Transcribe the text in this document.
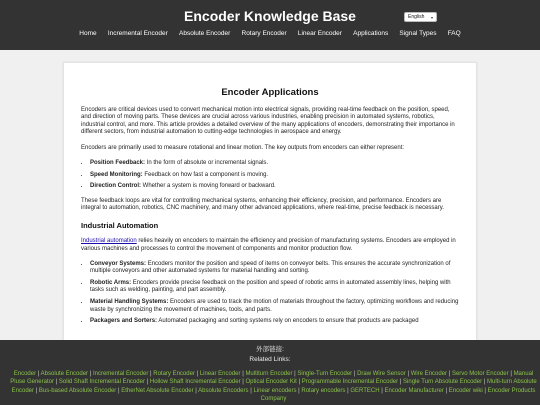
Encoder Knowledge Base	English
Home Incremental Encoder Absolute Encoder Rotary Encoder Linear Encoder Applications Signal Types FAQ
Encoder Applications

Encoders are critical devices used to convert mechanical motion into electrical signals, providing real-time feedback on the position, speed, and direction of moving parts. These devices are crucial across various industries, enabling precision in automated systems, robotics, industrial control, and more. This article provides a detailed overview of the many applications of encoders, demonstrating their importance in different sectors, from industrial automation to cutting-edge technologies in aerospace and energy.

Encoders are primarily used to measure rotational and linear motion. The key outputs from encoders can either represent:

• Position Feedback: In the form of absolute or incremental signals.
• Speed Monitoring: Feedback on how fast a component is moving.
• Direction Control: Whether a system is moving forward or backward.

These feedback loops are vital for controlling mechanical systems, enhancing their efficiency, precision, and performance. Encoders are integral to automation, robotics, CNC machinery, and many other advanced applications, where real-time, precise feedback is necessary.

Industrial Automation

Industrial automation relies heavily on encoders to maintain the efficiency and precision of manufacturing systems. Encoders are employed in various machines and processes to control the movement of components and monitor production flow.

• Conveyor Systems: Encoders monitor the position and speed of items on conveyor belts. This ensures the accurate synchronization of multiple conveyors and other automated systems for material handling and sorting.
• Robotic Arms: Encoders provide precise feedback on the position and speed of robotic arms in automated assembly lines, helping with tasks such as welding, painting, and part assembly.
• Material Handling Systems: Encoders are used to track the motion of materials throughout the factory, optimizing workflows and reducing waste by synchronizing the movement of machines, tools, and parts.
• Packagers and Sorters: Automated packaging and sorting systems rely on encoders to ensure that products are packaged

外部链接:

Related Links:

Encoder | Absolute Encoder | Incremental Encoder | Rotary Encoder | Linear Encoder | Multiturn Encoder | Single-Turn Encoder | Draw Wire Sensor | Wire Encoder | Servo Motor Encoder | Manual Pluse Generator | Solid Shaft Incremental Encoder | Hollow Shaft Incremental Encoder | Optical Encoder Kit | Programmable Incremental Encoder | Single Turn Absolute Encoder | Multi-turn Absolute Encoder | Bus-based Absolute Encoder | EtherNet Absolute Encoder | Absolute Encoders | Linear encoders | Rotary encoders | GERTECH | Encoder Manufacturer | Encoder wiki | Encoder Products Company
